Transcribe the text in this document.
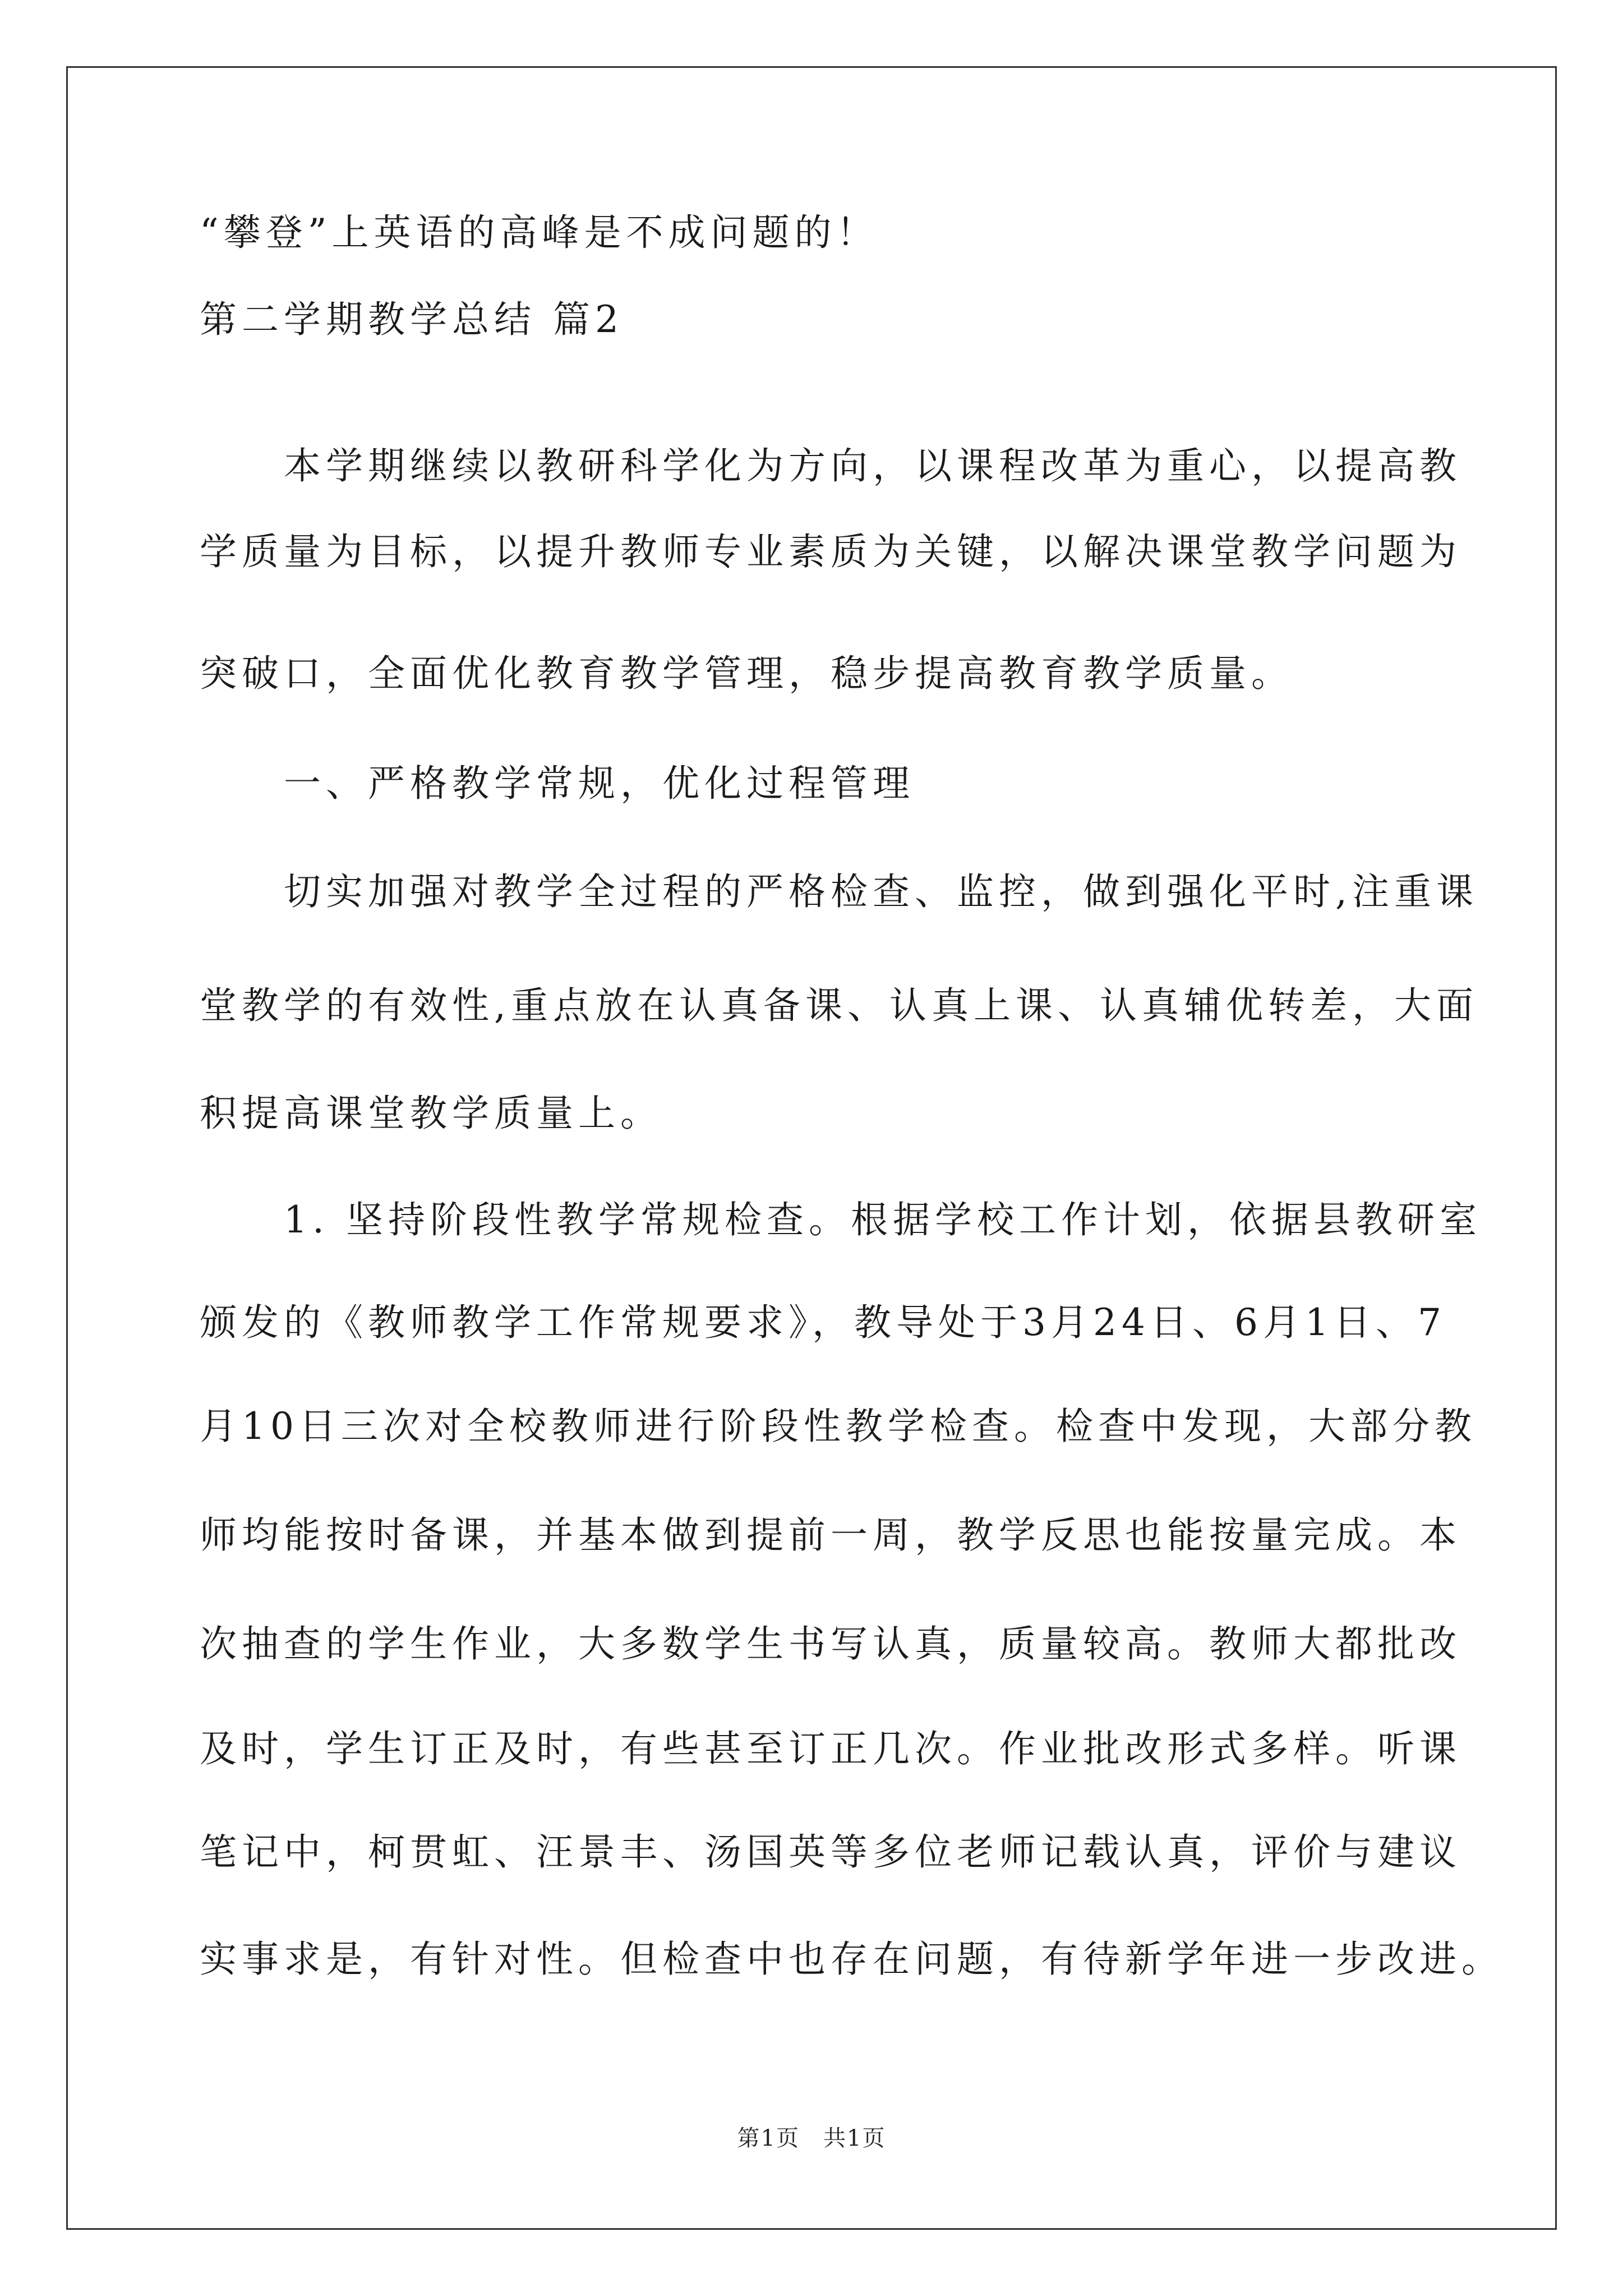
“攀登”上英语的高峰是不成问题的！
第二学期教学总结 篇2
　　本学期继续以教研科学化为方向，以课程改革为重心，以提高教
学质量为目标，以提升教师专业素质为关键，以解决课堂教学问题为
突破口，全面优化教育教学管理，稳步提高教育教学质量。
　　一、严格教学常规，优化过程管理
　　切实加强对教学全过程的严格检查、监控，做到强化平时,注重课
堂教学的有效性,重点放在认真备课、认真上课、认真辅优转差，大面
积提高课堂教学质量上。
　　1. 坚持阶段性教学常规检查。根据学校工作计划，依据县教研室
颁发的《教师教学工作常规要求》，教导处于3月24日、6月1日、7
月10日三次对全校教师进行阶段性教学检查。检查中发现，大部分教
师均能按时备课，并基本做到提前一周，教学反思也能按量完成。本
次抽查的学生作业，大多数学生书写认真，质量较高。教师大都批改
及时，学生订正及时，有些甚至订正几次。作业批改形式多样。听课
笔记中，柯贯虹、汪景丰、汤国英等多位老师记载认真，评价与建议
实事求是，有针对性。但检查中也存在问题，有待新学年进一步改进。
第1页　共1页
